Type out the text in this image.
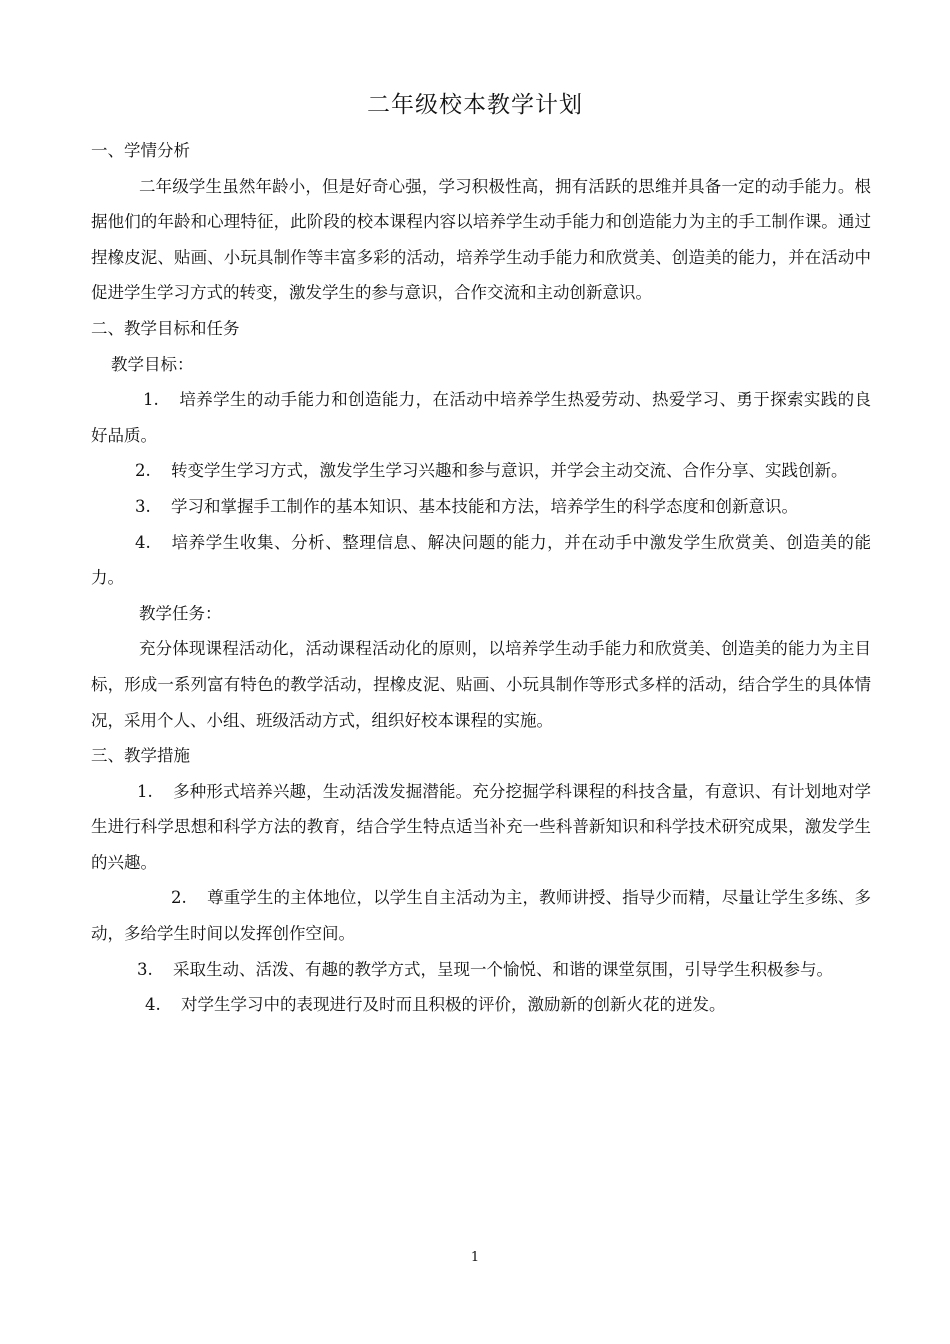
二年级校本教学计划

一、学情分析

二年级学生虽然年龄小，但是好奇心强，学习积极性高，拥有活跃的思维并具备一定的动手能力。根据他们的年龄和心理特征，此阶段的校本课程内容以培养学生动手能力和创造能力为主的手工制作课。通过捏橡皮泥、贴画、小玩具制作等丰富多彩的活动，培养学生动手能力和欣赏美、创造美的能力，并在活动中促进学生学习方式的转变，激发学生的参与意识，合作交流和主动创新意识。

二、教学目标和任务

教学目标：

1. 培养学生的动手能力和创造能力，在活动中培养学生热爱劳动、热爱学习、勇于探索实践的良好品质。

2. 转变学生学习方式，激发学生学习兴趣和参与意识，并学会主动交流、合作分享、实践创新。

3. 学习和掌握手工制作的基本知识、基本技能和方法，培养学生的科学态度和创新意识。

4. 培养学生收集、分析、整理信息、解决问题的能力，并在动手中激发学生欣赏美、创造美的能力。

教学任务：

充分体现课程活动化，活动课程活动化的原则，以培养学生动手能力和欣赏美、创造美的能力为主目标，形成一系列富有特色的教学活动，捏橡皮泥、贴画、小玩具制作等形式多样的活动，结合学生的具体情况，采用个人、小组、班级活动方式，组织好校本课程的实施。

三、教学措施

1. 多种形式培养兴趣，生动活泼发掘潜能。充分挖掘学科课程的科技含量，有意识、有计划地对学生进行科学思想和科学方法的教育，结合学生特点适当补充一些科普新知识和科学技术研究成果，激发学生的兴趣。

2. 尊重学生的主体地位，以学生自主活动为主，教师讲授、指导少而精，尽量让学生多练、多动，多给学生时间以发挥创作空间。

3. 采取生动、活泼、有趣的教学方式，呈现一个愉悦、和谐的课堂氛围，引导学生积极参与。

4. 对学生学习中的表现进行及时而且积极的评价，激励新的创新火花的迸发。

1
